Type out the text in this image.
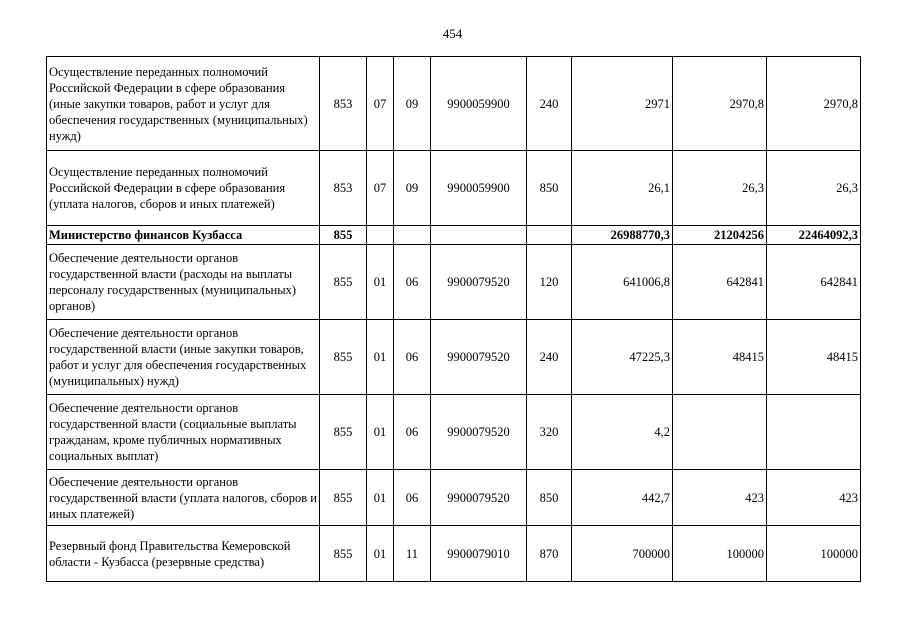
454
Осуществление переданных полномочий Российской Федерации в сфере образования (иные закупки товаров, работ и услуг для обеспечения государственных (муниципальных) нужд)	853	07	09	9900059900	240	2971	2970,8	2970,8
Осуществление переданных полномочий Российской Федерации в сфере образования (уплата налогов, сборов и иных платежей)	853	07	09	9900059900	850	26,1	26,3	26,3
Министерство финансов Кузбасса	855					26988770,3	21204256	22464092,3
Обеспечение деятельности органов государственной власти (расходы на выплаты персоналу государственных (муниципальных) органов)	855	01	06	9900079520	120	641006,8	642841	642841
Обеспечение деятельности органов государственной власти (иные закупки товаров, работ и услуг для обеспечения государственных (муниципальных) нужд)	855	01	06	9900079520	240	47225,3	48415	48415
Обеспечение деятельности органов государственной власти (социальные выплаты гражданам, кроме публичных нормативных социальных выплат)	855	01	06	9900079520	320	4,2		
Обеспечение деятельности органов государственной власти (уплата налогов, сборов и иных платежей)	855	01	06	9900079520	850	442,7	423	423
Резервный фонд Правительства Кемеровской области - Кузбасса (резервные средства)	855	01	11	9900079010	870	700000	100000	100000
